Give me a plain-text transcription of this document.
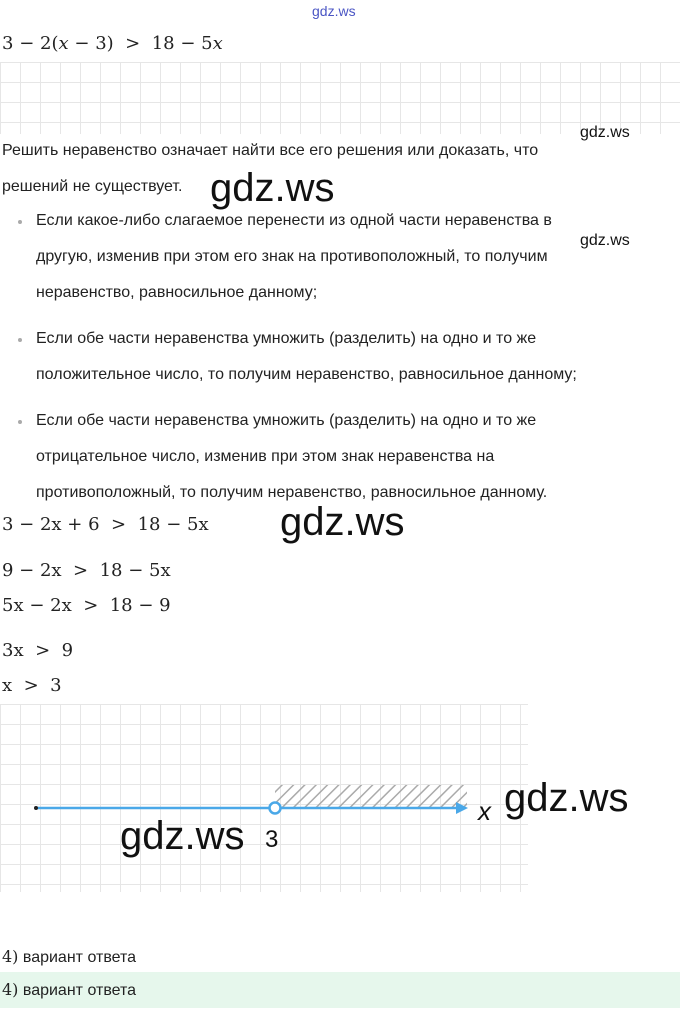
gdz.ws
3 − 2(x − 3) > 18 − 5x
gdz.ws
Решить неравенство означает найти все его решения или доказать, что
решений не существует. gdz.ws
gdz.ws
Если какое-либо слагаемое перенести из одной части неравенства в
другую, изменив при этом его знак на противоположный, то получим
неравенство, равносильное данному;
Если обе части неравенства умножить (разделить) на одно и то же
положительное число, то получим неравенство, равносильное данному;
Если обе части неравенства умножить (разделить) на одно и то же
отрицательное число, изменив при этом знак неравенства на
противоположный, то получим неравенство, равносильное данному.
3 − 2x + 6 > 18 − 5x gdz.ws
9 − 2x > 18 − 5x
5x − 2x > 18 − 9
3x > 9
x > 3
3
x gdz.ws
gdz.ws
4) вариант ответа
4) вариант ответа
